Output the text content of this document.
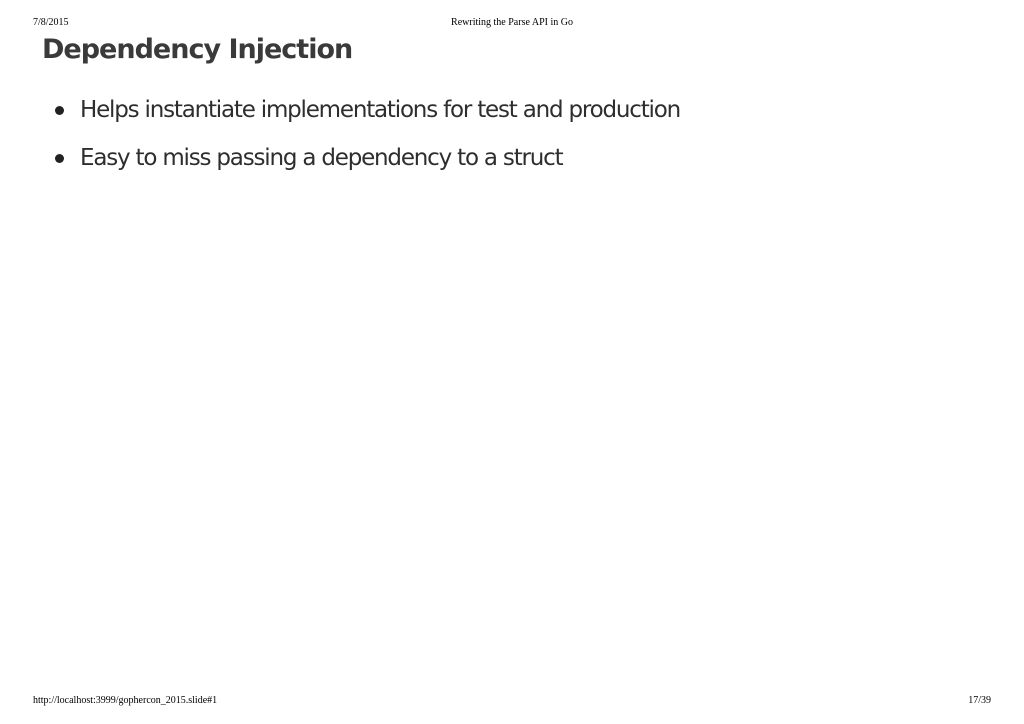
7/8/2015	Rewriting the Parse API in Go
Dependency Injection
Helps instantiate implementations for test and production
Easy to miss passing a dependency to a struct
http://localhost:3999/gophercon_2015.slide#1	17/39
